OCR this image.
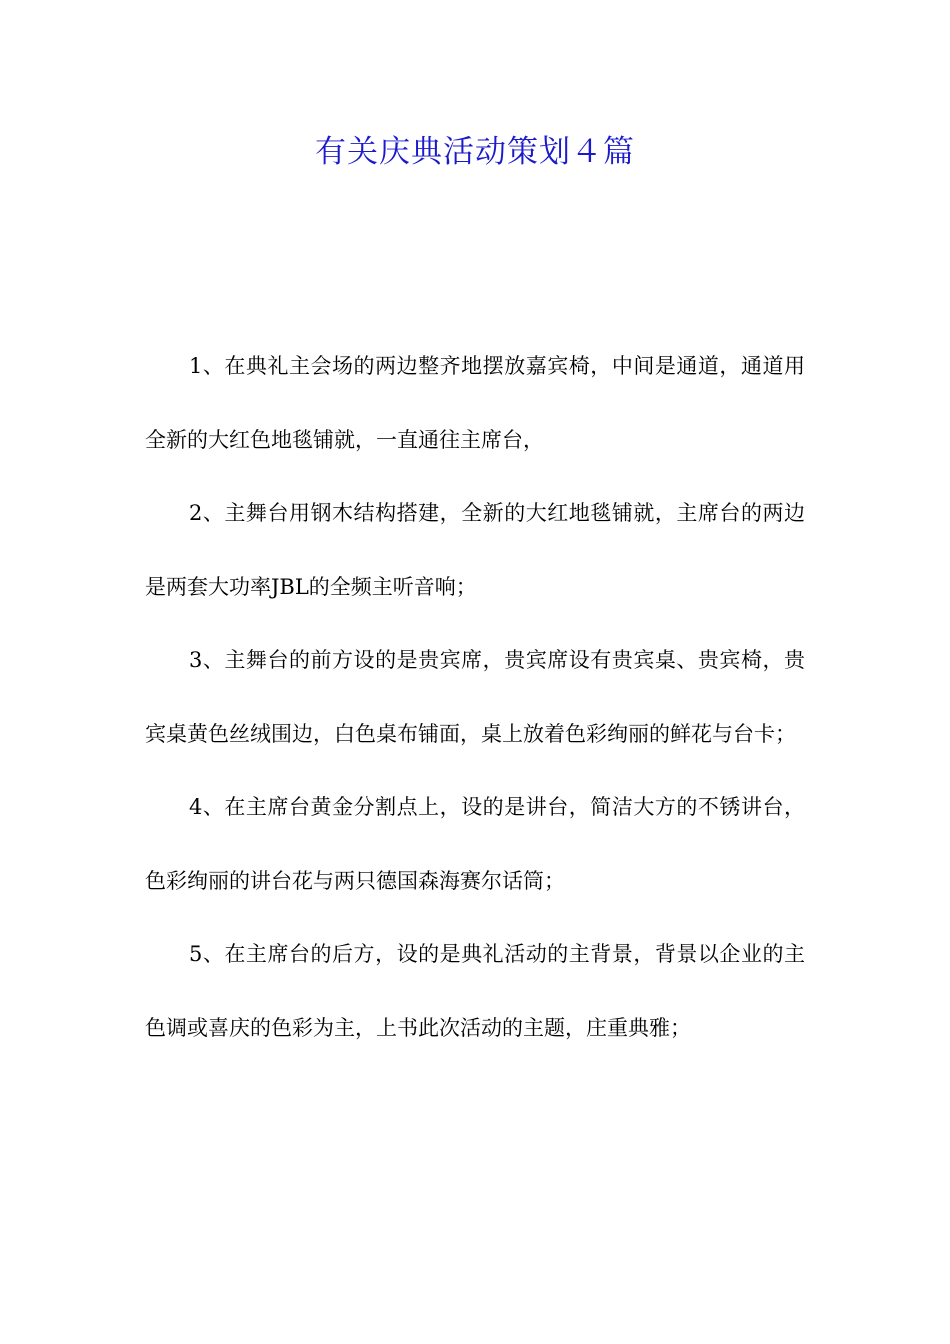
有关庆典活动策划４篇

1、在典礼主会场的两边整齐地摆放嘉宾椅，中间是通道，通道用全新的大红色地毯铺就，一直通往主席台，

2、主舞台用钢木结构搭建，全新的大红地毯铺就，主席台的两边是两套大功率JBL的全频主听音响；

3、主舞台的前方设的是贵宾席，贵宾席设有贵宾桌、贵宾椅，贵宾桌黄色丝绒围边，白色桌布铺面，桌上放着色彩绚丽的鲜花与台卡；

4、在主席台黄金分割点上，设的是讲台，简洁大方的不锈讲台，色彩绚丽的讲台花与两只德国森海赛尔话筒；

5、在主席台的后方，设的是典礼活动的主背景，背景以企业的主色调或喜庆的色彩为主，上书此次活动的主题，庄重典雅；
